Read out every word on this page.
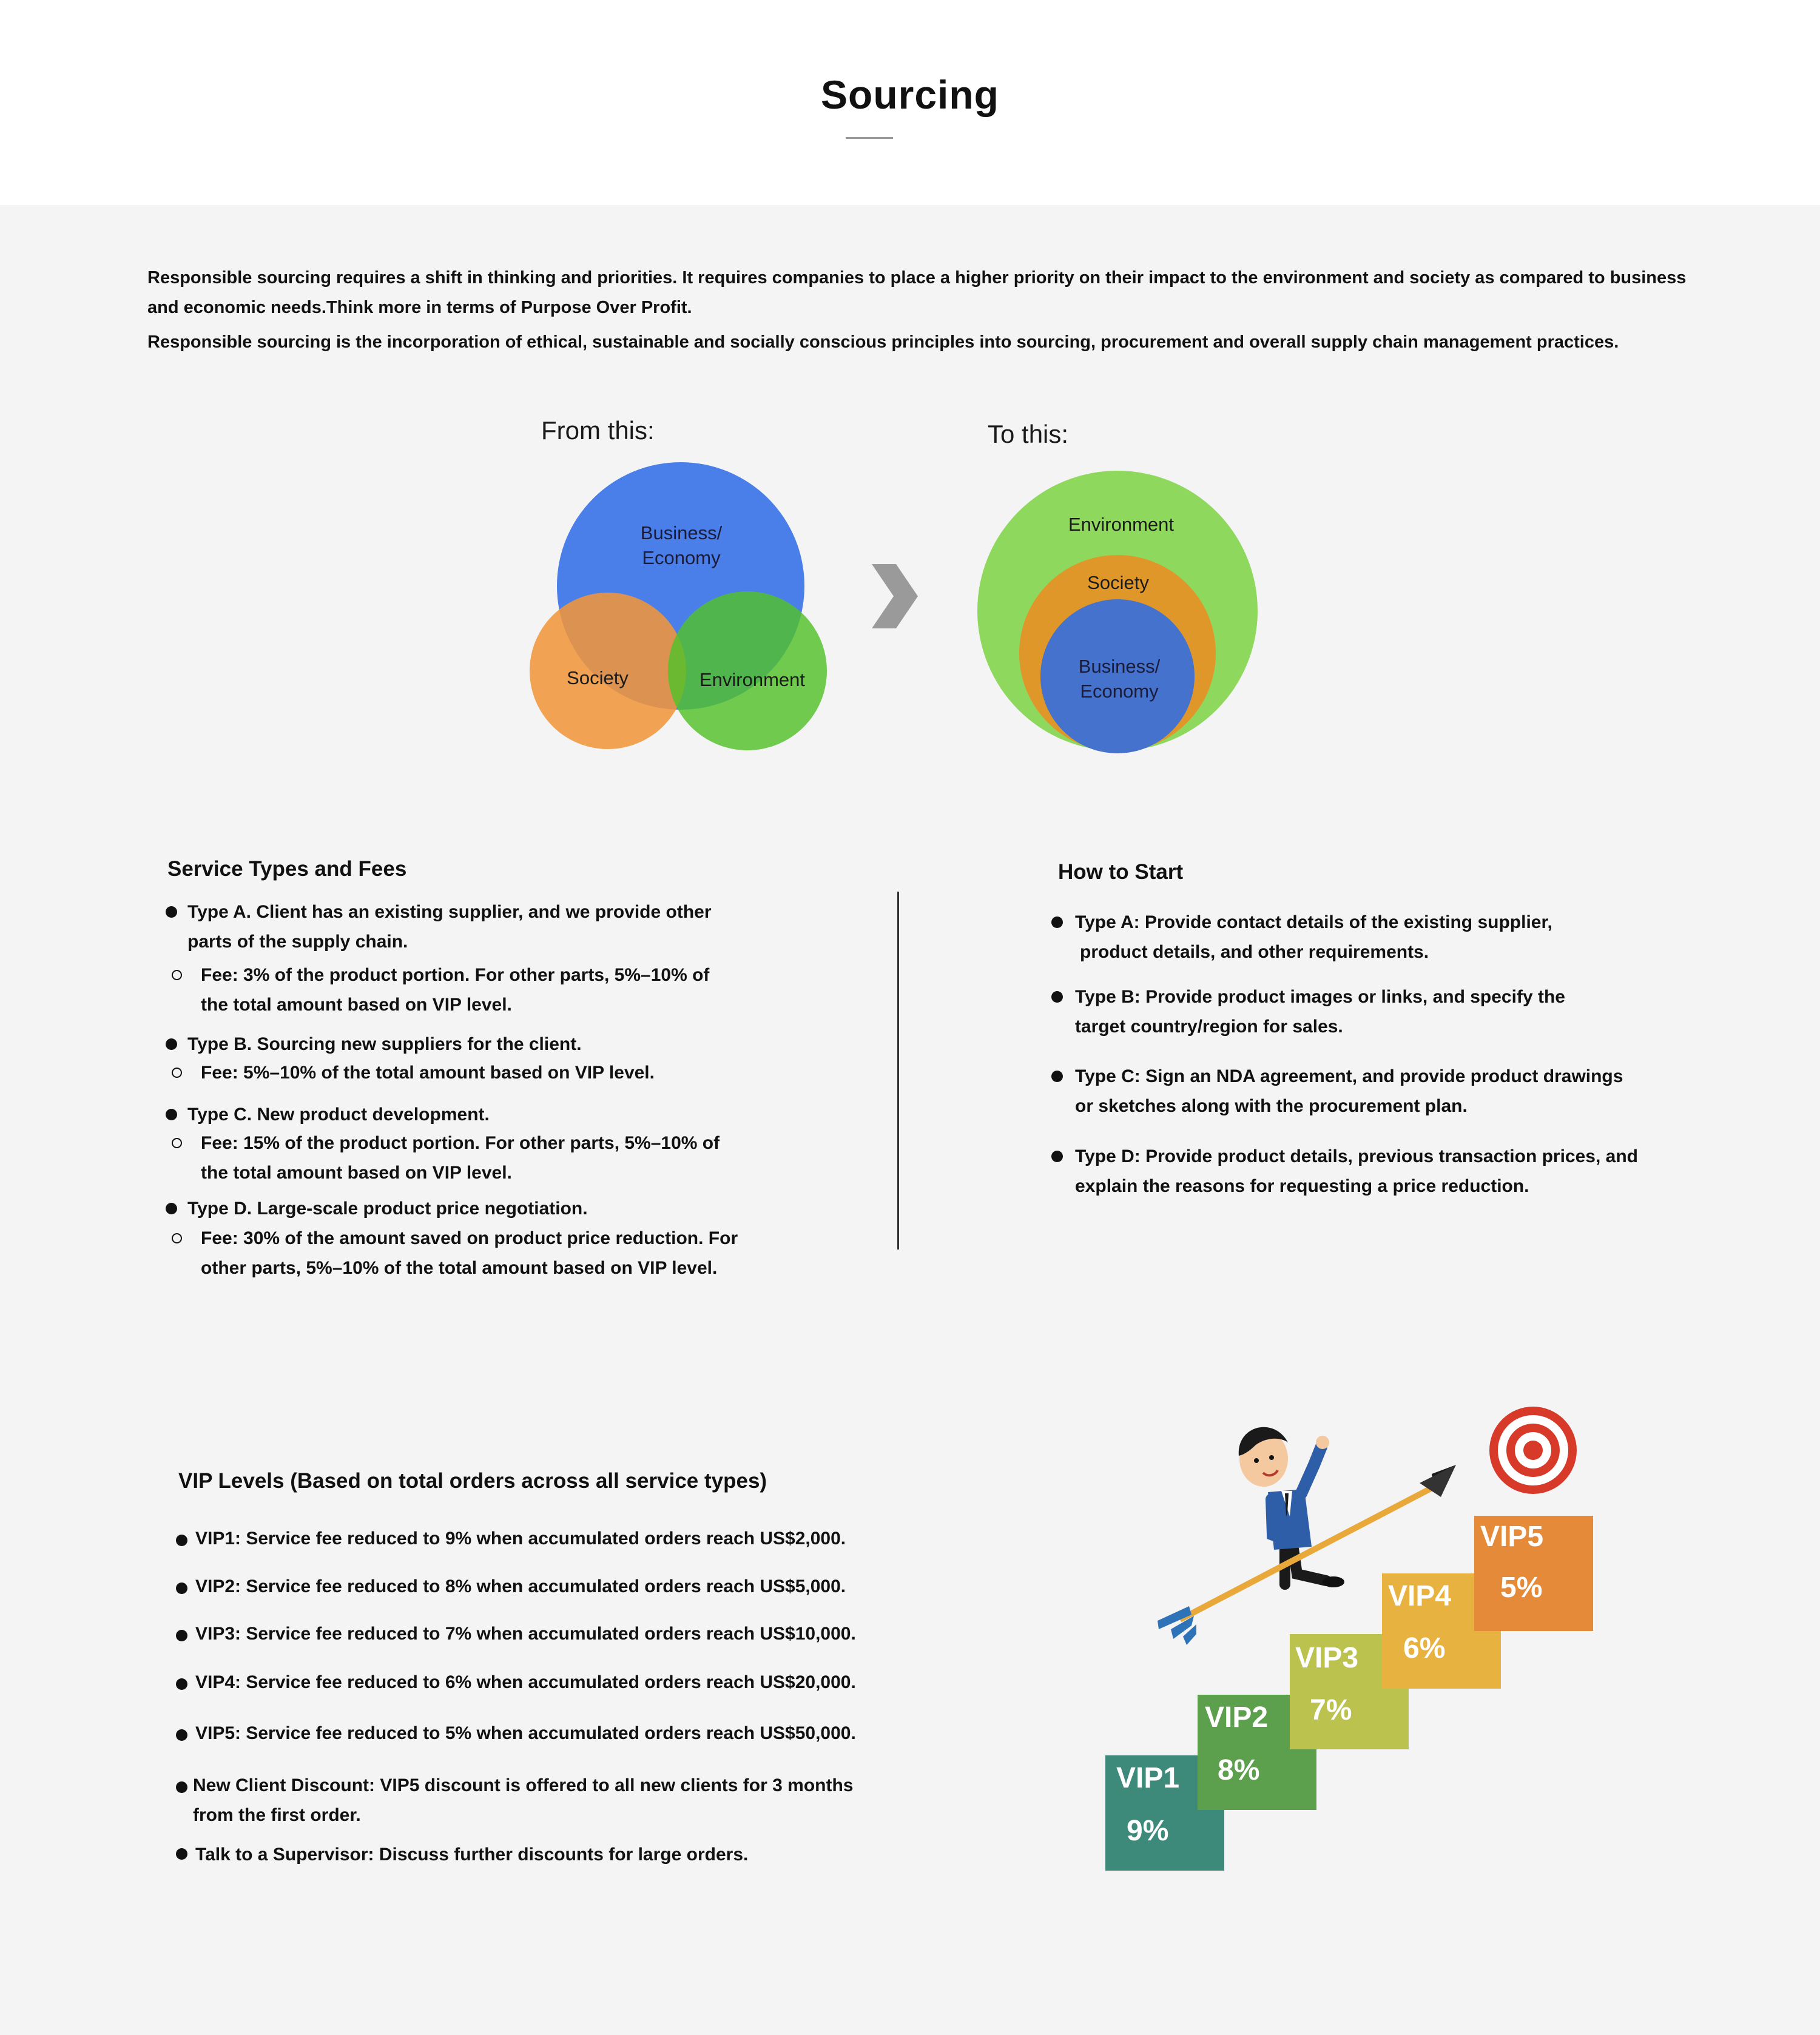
Sourcing

Responsible sourcing requires a shift in thinking and priorities. It requires companies to place a higher priority on their impact to the environment and society as compared to business and economic needs.Think more in terms of Purpose Over Profit.

Responsible sourcing is the incorporation of ethical, sustainable and socially conscious principles into sourcing, procurement and overall supply chain management practices.

From this:	To this:
Business/
Economy
Society	Environment
Environment
Society
Business/
Economy
Service Types and Fees
Type A. Client has an existing supplier, and we provide other
parts of the supply chain.
Fee: 3% of the product portion. For other parts, 5%–10% of
the total amount based on VIP level.
Type B. Sourcing new suppliers for the client.
Fee: 5%–10% of the total amount based on VIP level.
Type C. New product development.
Fee: 15% of the product portion. For other parts, 5%–10% of
the total amount based on VIP level.
Type D. Large-scale product price negotiation.
Fee: 30% of the amount saved on product price reduction. For
other parts, 5%–10% of the total amount based on VIP level.
How to Start
Type A: Provide contact details of the existing supplier,
product details, and other requirements.
Type B: Provide product images or links, and specify the
target country/region for sales.
Type C: Sign an NDA agreement, and provide product drawings
or sketches along with the procurement plan.
Type D: Provide product details, previous transaction prices, and
explain the reasons for requesting a price reduction.
VIP Levels (Based on total orders across all service types)
VIP1: Service fee reduced to 9% when accumulated orders reach US$2,000.
VIP2: Service fee reduced to 8% when accumulated orders reach US$5,000.
VIP3: Service fee reduced to 7% when accumulated orders reach US$10,000.
VIP4: Service fee reduced to 6% when accumulated orders reach US$20,000.
VIP5: Service fee reduced to 5% when accumulated orders reach US$50,000.
New Client Discount: VIP5 discount is offered to all new clients for 3 months
from the first order.
Talk to a Supervisor: Discuss further discounts for large orders.
VIP1
9%
VIP2
8%
VIP3
7%
VIP4
6%
VIP5
5%
